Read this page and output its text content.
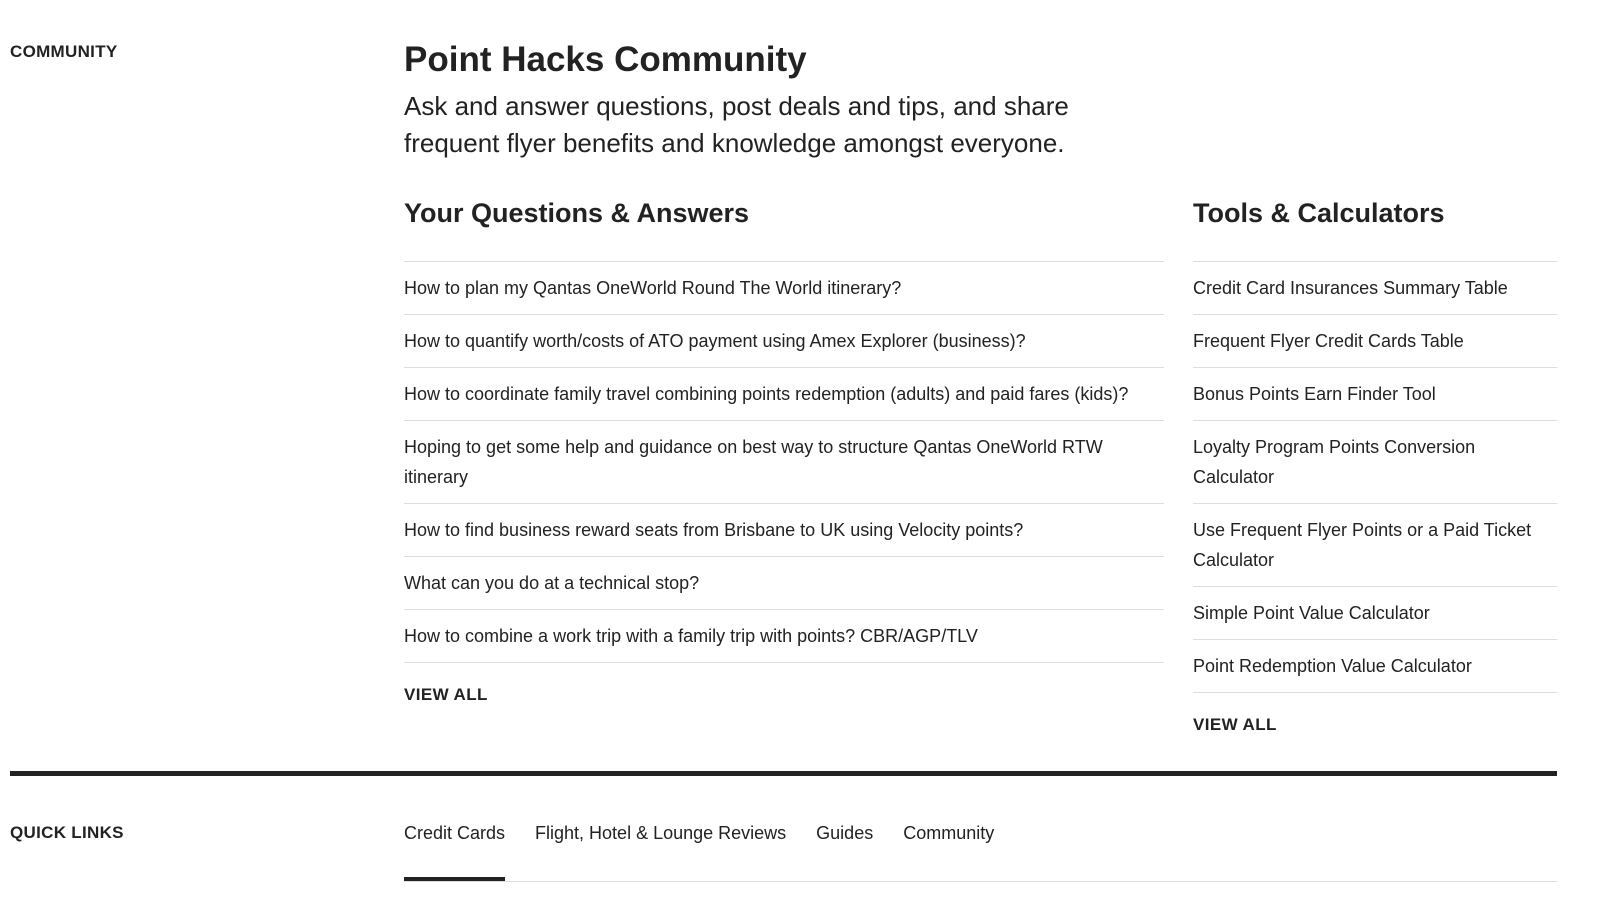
COMMUNITY	Point Hacks Community

Ask and answer questions, post deals and tips, and share frequent flyer benefits and knowledge amongst everyone.

Your Questions & Answers
How to plan my Qantas OneWorld Round The World itinerary?
How to quantify worth/costs of ATO payment using Amex Explorer (business)?
How to coordinate family travel combining points redemption (adults) and paid fares (kids)?
Hoping to get some help and guidance on best way to structure Qantas OneWorld RTW itinerary
How to find business reward seats from Brisbane to UK using Velocity points?
What can you do at a technical stop?
How to combine a work trip with a family trip with points? CBR/AGP/TLV
VIEW ALL
Tools & Calculators
Credit Card Insurances Summary Table
Frequent Flyer Credit Cards Table
Bonus Points Earn Finder Tool
Loyalty Program Points Conversion Calculator
Use Frequent Flyer Points or a Paid Ticket Calculator
Simple Point Value Calculator
Point Redemption Value Calculator
VIEW ALL
QUICK LINKS	Credit Cards Flight, Hotel & Lounge Reviews Guides Community
